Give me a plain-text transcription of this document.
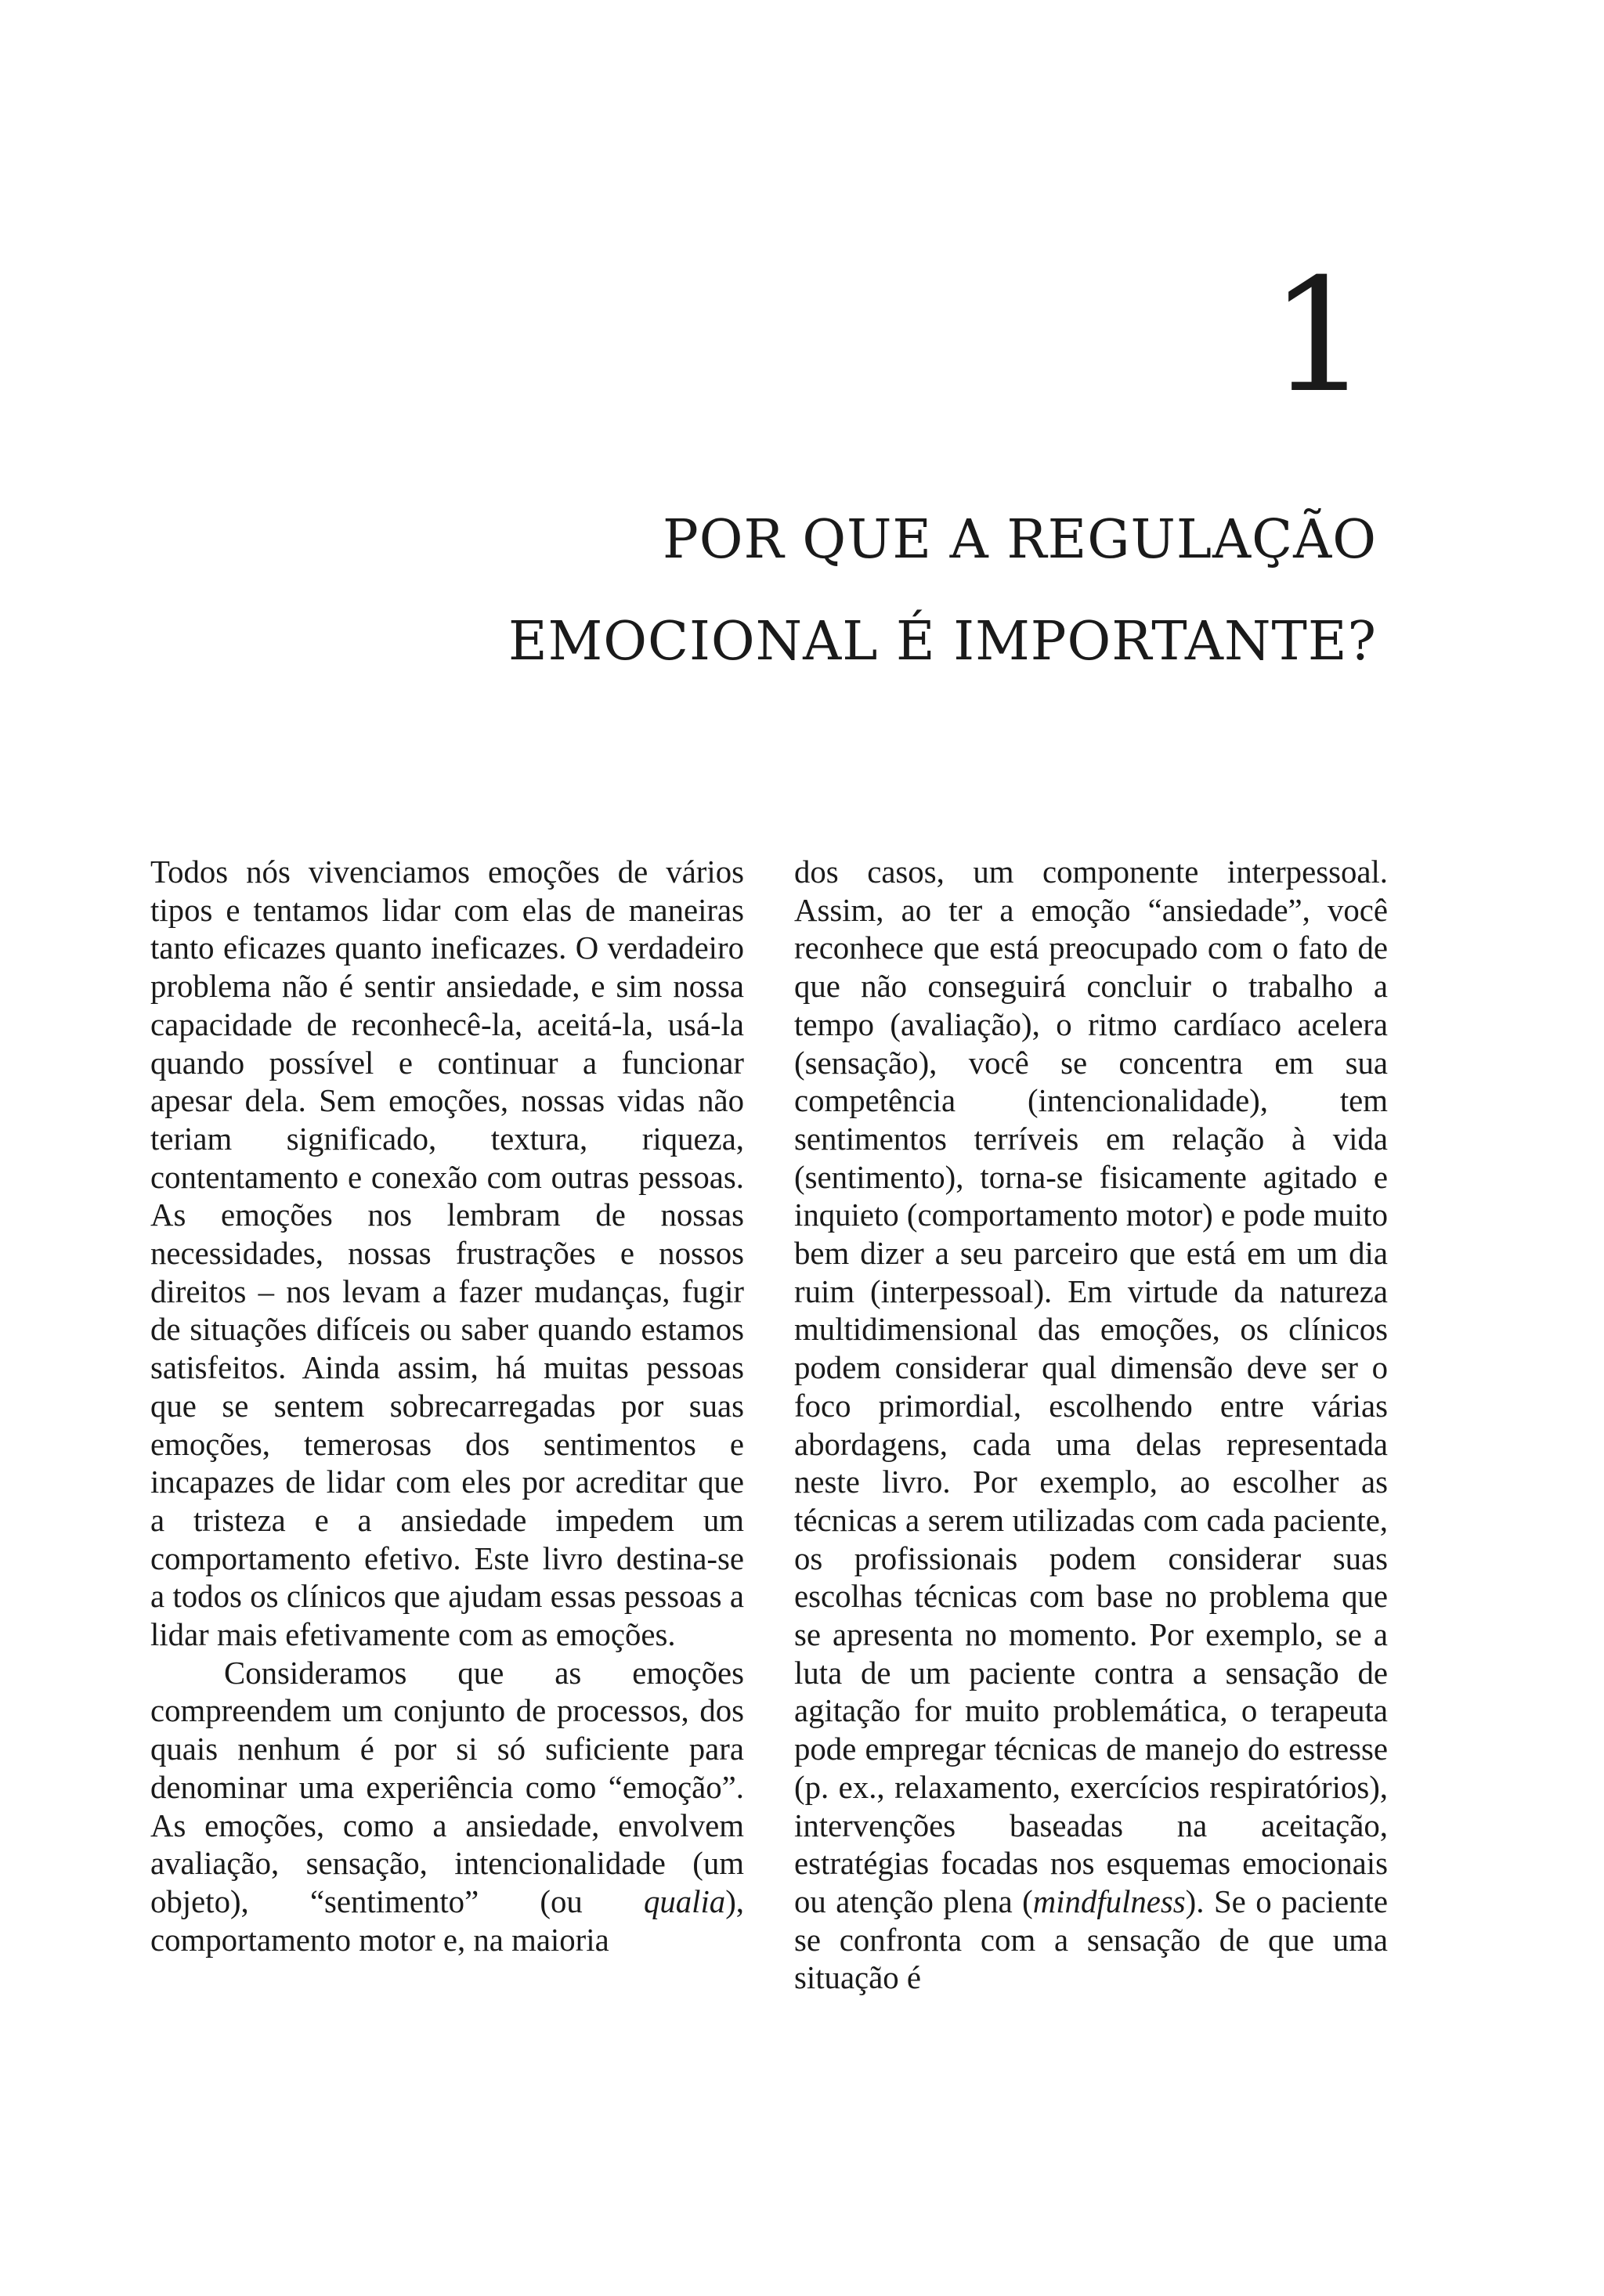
1
POR QUE A REGULAÇÃO
EMOCIONAL É IMPORTANTE?

Todos nós vivenciamos emoções de vários tipos e tentamos lidar com elas de maneiras tanto eficazes quanto ineficazes. O verdadeiro problema não é sentir ansiedade, e sim nossa capacidade de reconhecê-la, aceitá-la, usá-la quando possível e continuar a funcionar apesar dela. Sem emoções, nossas vidas não teriam significado, textura, riqueza, contentamento e conexão com outras pessoas. As emoções nos lembram de nossas necessidades, nossas frustrações e nossos direitos – nos levam a fazer mudanças, fugir de situações difíceis ou saber quando estamos satisfeitos. Ainda assim, há muitas pessoas que se sentem sobrecarregadas por suas emoções, temerosas dos sentimentos e incapazes de lidar com eles por acreditar que a tristeza e a ansiedade impedem um comportamento efetivo. Este livro destina-se a todos os clínicos que ajudam essas pessoas a lidar mais efetivamente com as emoções.

Consideramos que as emoções compreendem um conjunto de processos, dos quais nenhum é por si só suficiente para denominar uma experiência como “emoção”. As emoções, como a ansiedade, envolvem avaliação, sensação, intencionalidade (um objeto), “sentimento” (ou qualia), comportamento motor e, na maioria

dos casos, um componente interpessoal. Assim, ao ter a emoção “ansiedade”, você reconhece que está preocupado com o fato de que não conseguirá concluir o trabalho a tempo (avaliação), o ritmo cardíaco acelera (sensação), você se concentra em sua competência (intencionalidade), tem sentimentos terríveis em relação à vida (sentimento), torna-se fisicamente agitado e inquieto (comportamento motor) e pode muito bem dizer a seu parceiro que está em um dia ruim (interpessoal). Em virtude da natureza multidimensional das emoções, os clínicos podem considerar qual dimensão deve ser o foco primordial, escolhendo entre várias abordagens, cada uma delas representada neste livro. Por exemplo, ao escolher as técnicas a serem utilizadas com cada paciente, os profissionais podem considerar suas escolhas técnicas com base no problema que se apresenta no momento. Por exemplo, se a luta de um paciente contra a sensação de agitação for muito problemática, o terapeuta pode empregar técnicas de manejo do estresse (p. ex., relaxamento, exercícios respiratórios), intervenções baseadas na aceitação, estratégias focadas nos esquemas emocionais ou atenção plena (mindfulness). Se o paciente se confronta com a sensação de que uma situação é
